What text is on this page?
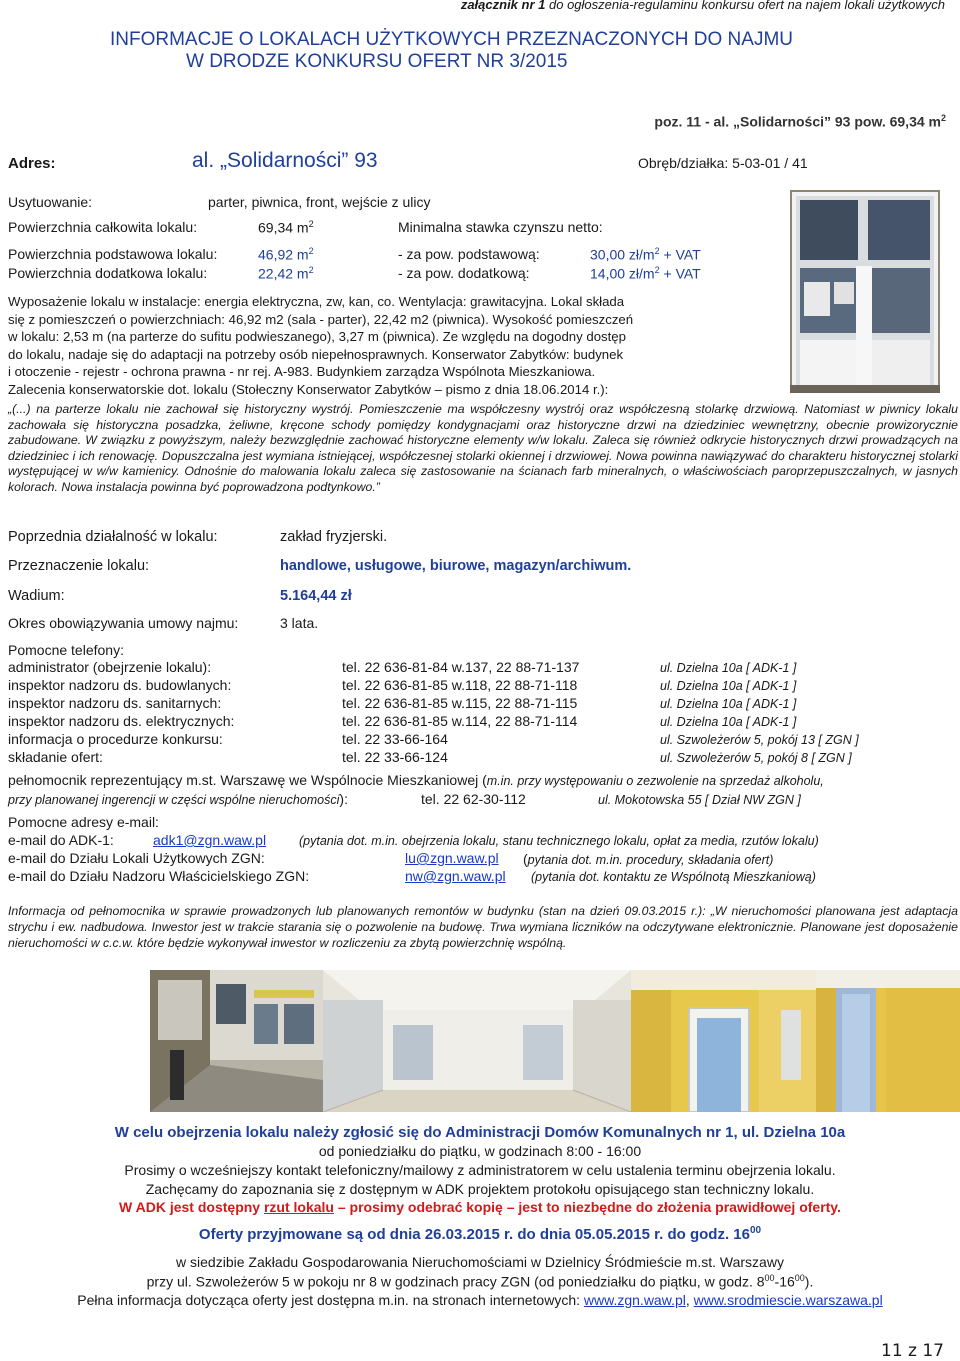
załącznik nr 1 do ogłoszenia-regulaminu konkursu ofert na najem lokali użytkowych
INFORMACJE O LOKALACH UŻYTKOWYCH PRZEZNACZONYCH DO NAJMU
W DRODZE KONKURSU OFERT NR 3/2015
poz. 11 - al. „Solidarności” 93 pow. 69,34 $m^2$
Adres:	al. „Solidarności” 93	Obręb/działka: 5-03-01 / 41
Usytuowanie:	parter, piwnica, front, wejście z ulicy
Powierzchnia całkowita lokalu:	69,34 $m^2$	Minimalna stawka czynszu netto:
Powierzchnia podstawowa lokalu:	46,92 $m^2$	- za pow. podstawową:	30,00 $zł/m^2$ + VAT
Powierzchnia dodatkowa lokalu:	22,42 $m^2$	- za pow. dodatkową:	14,00 $zł/m^2$ + VAT
Wyposażenie lokalu w instalacje: energia elektryczna, zw, kan, co. Wentylacja: grawitacyjna. Lokal składa
się z pomieszczeń o powierzchniach: 46,92 m2 (sala - parter), 22,42 m2 (piwnica). Wysokość pomieszczeń
w lokalu: 2,53 m (na parterze do sufitu podwieszanego), 3,27 m (piwnica). Ze względu na dogodny dostęp
do lokalu, nadaje się do adaptacji na potrzeby osób niepełnosprawnych. Konserwator Zabytków: budynek
i otoczenie - rejestr - ochrona prawna - nr rej. A-983. Budynkiem zarządza Wspólnota Mieszkaniowa.
Zalecenia konserwatorskie dot. lokalu (Stołeczny Konserwator Zabytków – pismo z dnia 18.06.2014 r.):
„(...) na parterze lokalu nie zachował się historyczny wystrój. Pomieszczenie ma współczesny wystrój oraz współczesną stolarkę drzwiową. Natomiast w piwnicy lokalu zachowała się historyczna posadzka, żeliwne, kręcone schody pomiędzy kondygnacjami oraz historyczne drzwi na dziedziniec wewnętrzny, obecnie prowizorycznie zabudowane. W związku z powyższym, należy bezwzględnie zachować historyczne elementy w/w lokalu. Zaleca się również odkrycie historycznych drzwi prowadzących na dziedziniec i ich renowację. Dopuszczalna jest wymiana istniejącej, współczesnej stolarki okiennej i drzwiowej. Nowa powinna nawiązywać do charakteru historycznej stolarki występującej w w/w kamienicy. Odnośnie do malowania lokalu zaleca się zastosowanie na ścianach farb mineralnych, o właściwościach paroprzepuszczalnych, w jasnych kolorach. Nowa instalacja powinna być poprowadzona podtynkowo.”
Poprzednia działalność w lokalu:	zakład fryzjerski.
Przeznaczenie lokalu:	handlowe, usługowe, biurowe, magazyn/archiwum.
Wadium:	5.164,44 zł
Okres obowiązywania umowy najmu:	3 lata.
Pomocne telefony:
administrator (obejrzenie lokalu):	tel. 22 636-81-84 w.137, 22 88-71-137	ul. Dzielna 10a [ ADK-1 ]
inspektor nadzoru ds. budowlanych:	tel. 22 636-81-85 w.118, 22 88-71-118	ul. Dzielna 10a [ ADK-1 ]
inspektor nadzoru ds. sanitarnych:	tel. 22 636-81-85 w.115, 22 88-71-115	ul. Dzielna 10a [ ADK-1 ]
inspektor nadzoru ds. elektrycznych:	tel. 22 636-81-85 w.114, 22 88-71-114	ul. Dzielna 10a [ ADK-1 ]
informacja o procedurze konkursu:	tel. 22 33-66-164	ul. Szwoleżerów 5, pokój 13 [ ZGN ]
składanie ofert:	tel. 22 33-66-124	ul. Szwoleżerów 5, pokój 8 [ ZGN ]
pełnomocnik reprezentujący m.st. Warszawę we Wspólnocie Mieszkaniowej (m.in. przy występowaniu o zezwolenie na sprzedaż alkoholu,
przy planowanej ingerencji w części wspólne nieruchomości):	tel. 22 62-30-112	ul. Mokotowska 55 [ Dział NW ZGN ]
Pomocne adresy e-mail:
e-mail do ADK-1:	adk1@zgn.waw.pl	(pytania dot. m.in. obejrzenia lokalu, stanu technicznego lokalu, opłat za media, rzutów lokalu)
e-mail do Działu Lokali Użytkowych ZGN:	lu@zgn.waw.pl (pytania dot. m.in. procedury, składania ofert)
e-mail do Działu Nadzoru Właścicielskiego ZGN:	nw@zgn.waw.pl (pytania dot. kontaktu ze Wspólnotą Mieszkaniową)
Informacja od pełnomocnika w sprawie prowadzonych lub planowanych remontów w budynku (stan na dzień 09.03.2015 r.): „W nieruchomości planowana jest adaptacja strychu i ew. nadbudowa. Inwestor jest w trakcie starania się o pozwolenie na budowę. Trwa wymiana liczników na odczytywane elektronicznie. Planowane jest doposażenie nieruchomości w c.c.w. które będzie wykonywał inwestor w rozliczeniu za zbytą powierzchnię wspólną.
W celu obejrzenia lokalu należy zgłosić się do Administracji Domów Komunalnych nr 1, ul. Dzielna 10a
od poniedziałku do piątku, w godzinach 8:00 - 16:00
Prosimy o wcześniejszy kontakt telefoniczny/mailowy z administratorem w celu ustalenia terminu obejrzenia lokalu.
Zachęcamy do zapoznania się z dostępnym w ADK projektem protokołu opisującego stan techniczny lokalu.
W ADK jest dostępny rzut lokalu – prosimy odebrać kopię – jest to niezbędne do złożenia prawidłowej oferty.
Oferty przyjmowane są od dnia 26.03.2015 r. do dnia 05.05.2015 r. do godz. $16^{00}$
w siedzibie Zakładu Gospodarowania Nieruchomościami w Dzielnicy Śródmieście m.st. Warszawy
przy ul. Szwoleżerów 5 w pokoju nr 8 w godzinach pracy ZGN (od poniedziałku do piątku, w godz. $8^{00}-16^{00}$).
Pełna informacja dotycząca oferty jest dostępna m.in. na stronach internetowych: www.zgn.waw.pl, www.srodmiescie.warszawa.pl
11 z 17
